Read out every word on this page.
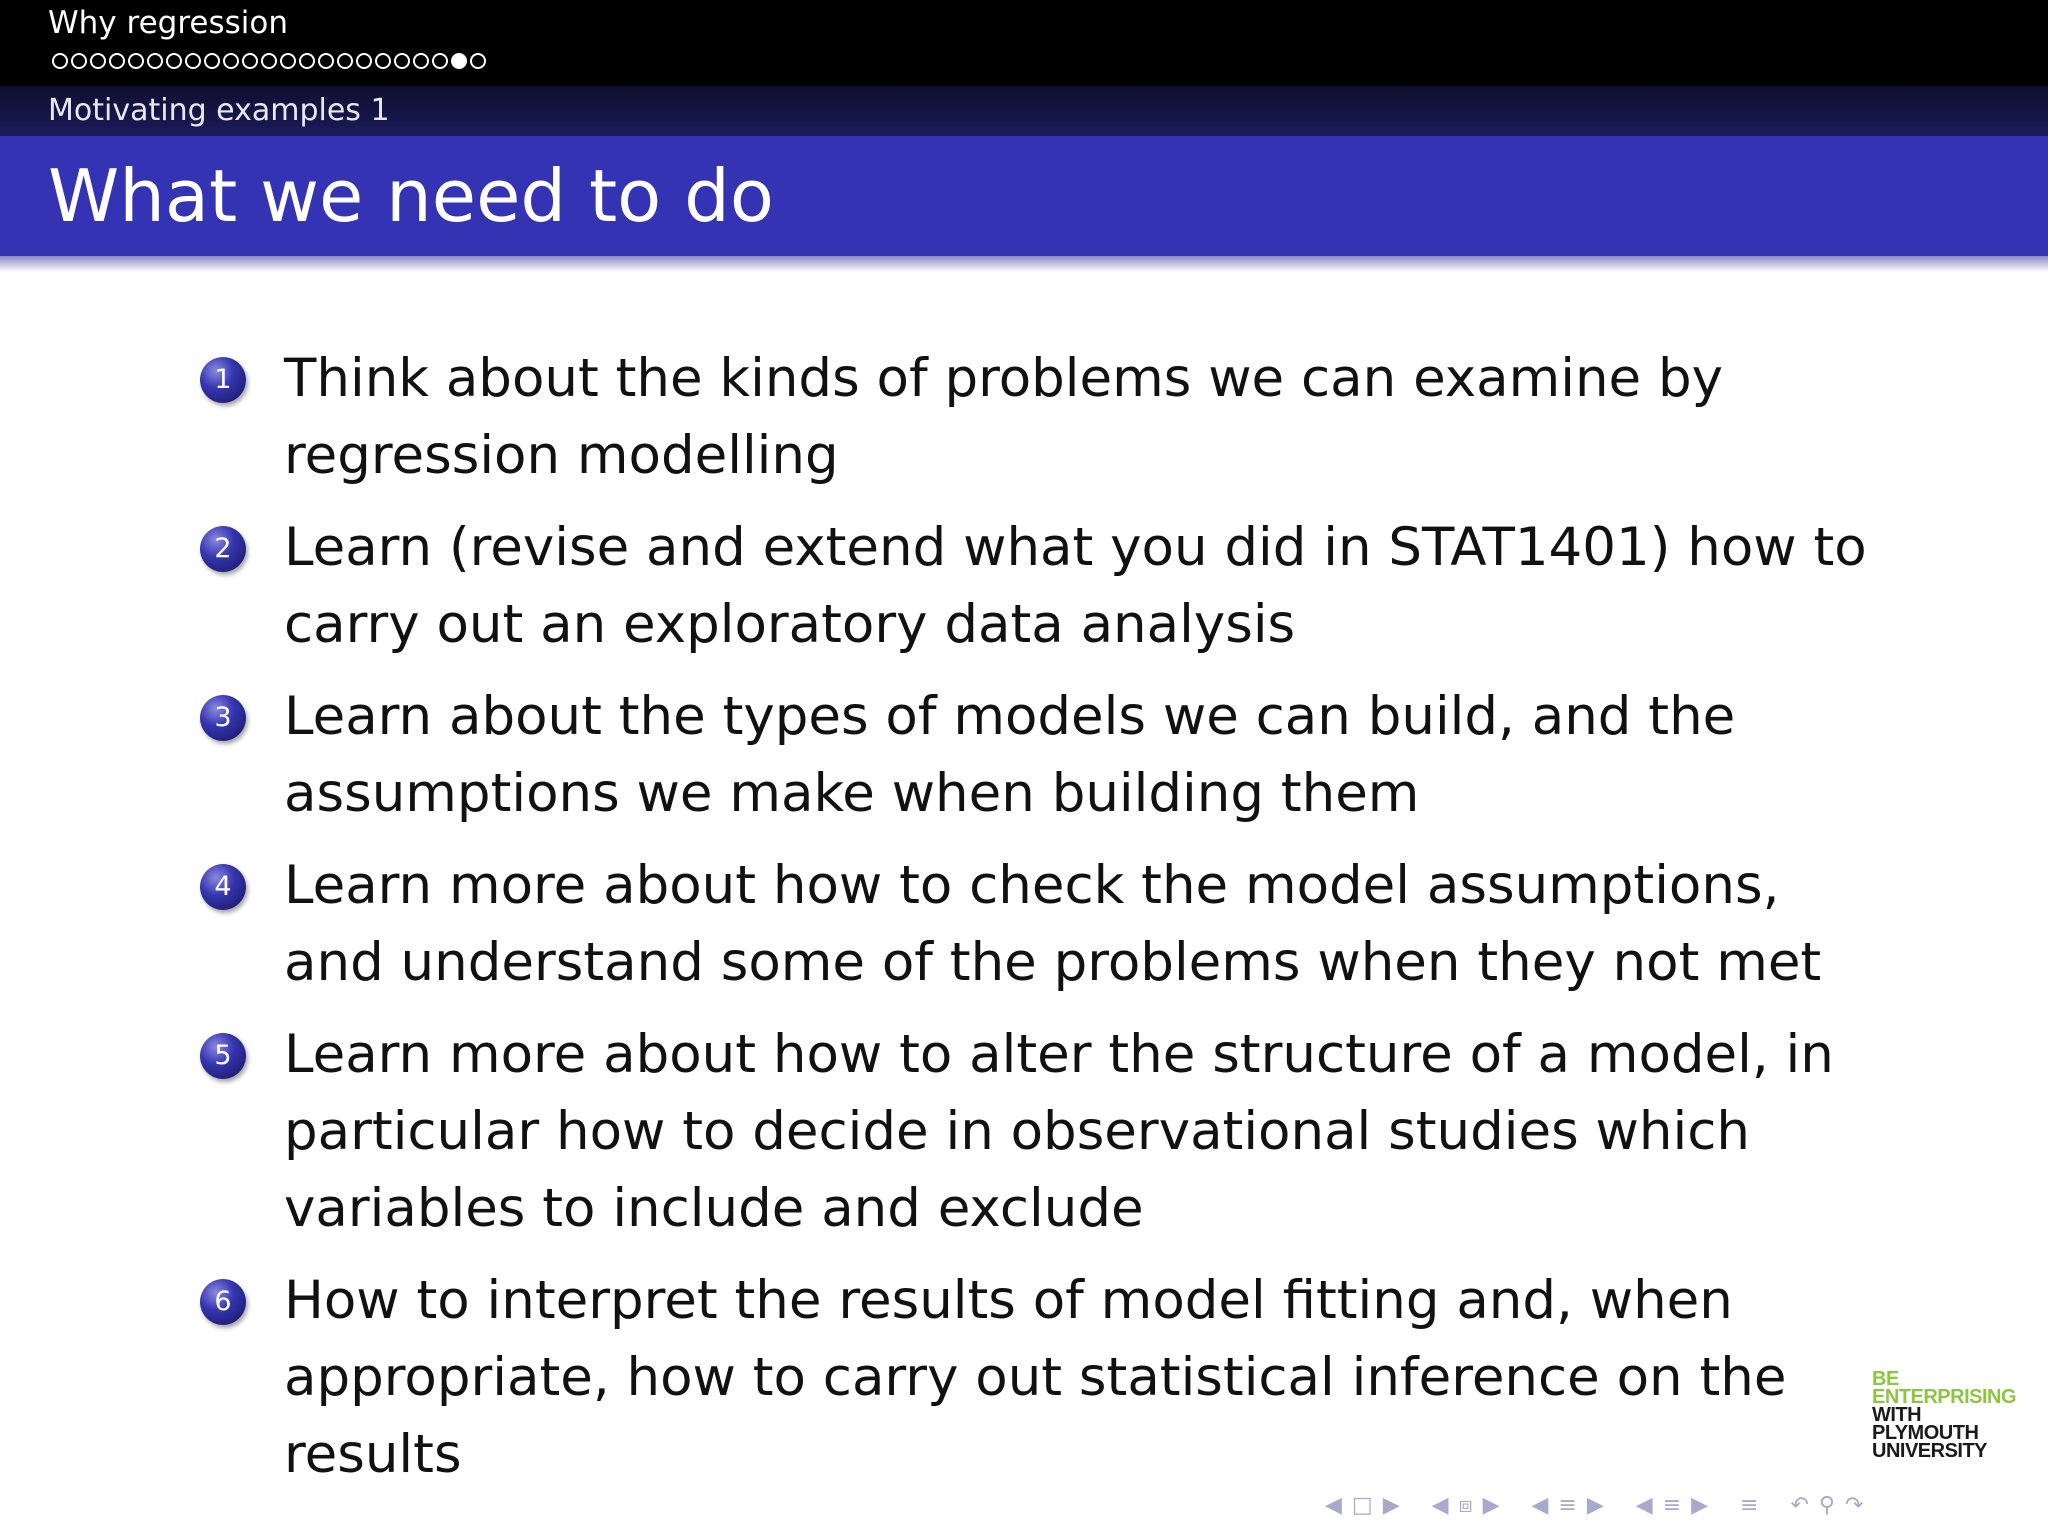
Why regression
Motivating examples 1
What we need to do
1 Think about the kinds of problems we can examine by regression modelling
2 Learn (revise and extend what you did in STAT1401) how to carry out an exploratory data analysis
3 Learn about the types of models we can build, and the assumptions we make when building them
4 Learn more about how to check the model assumptions, and understand some of the problems when they not met
5 Learn more about how to alter the structure of a model, in particular how to decide in observational studies which variables to include and exclude
6 How to interpret the results of model fitting and, when appropriate, how to carry out statistical inference on the results
BE
ENTERPRISING
WITH
PLYMOUTH
UNIVERSITY
◀ □ ▶ ◀ ⧈ ▶ ◀ ≡ ▶ ◀ ≡ ▶ ≡ ↶ ⚲ ↷
